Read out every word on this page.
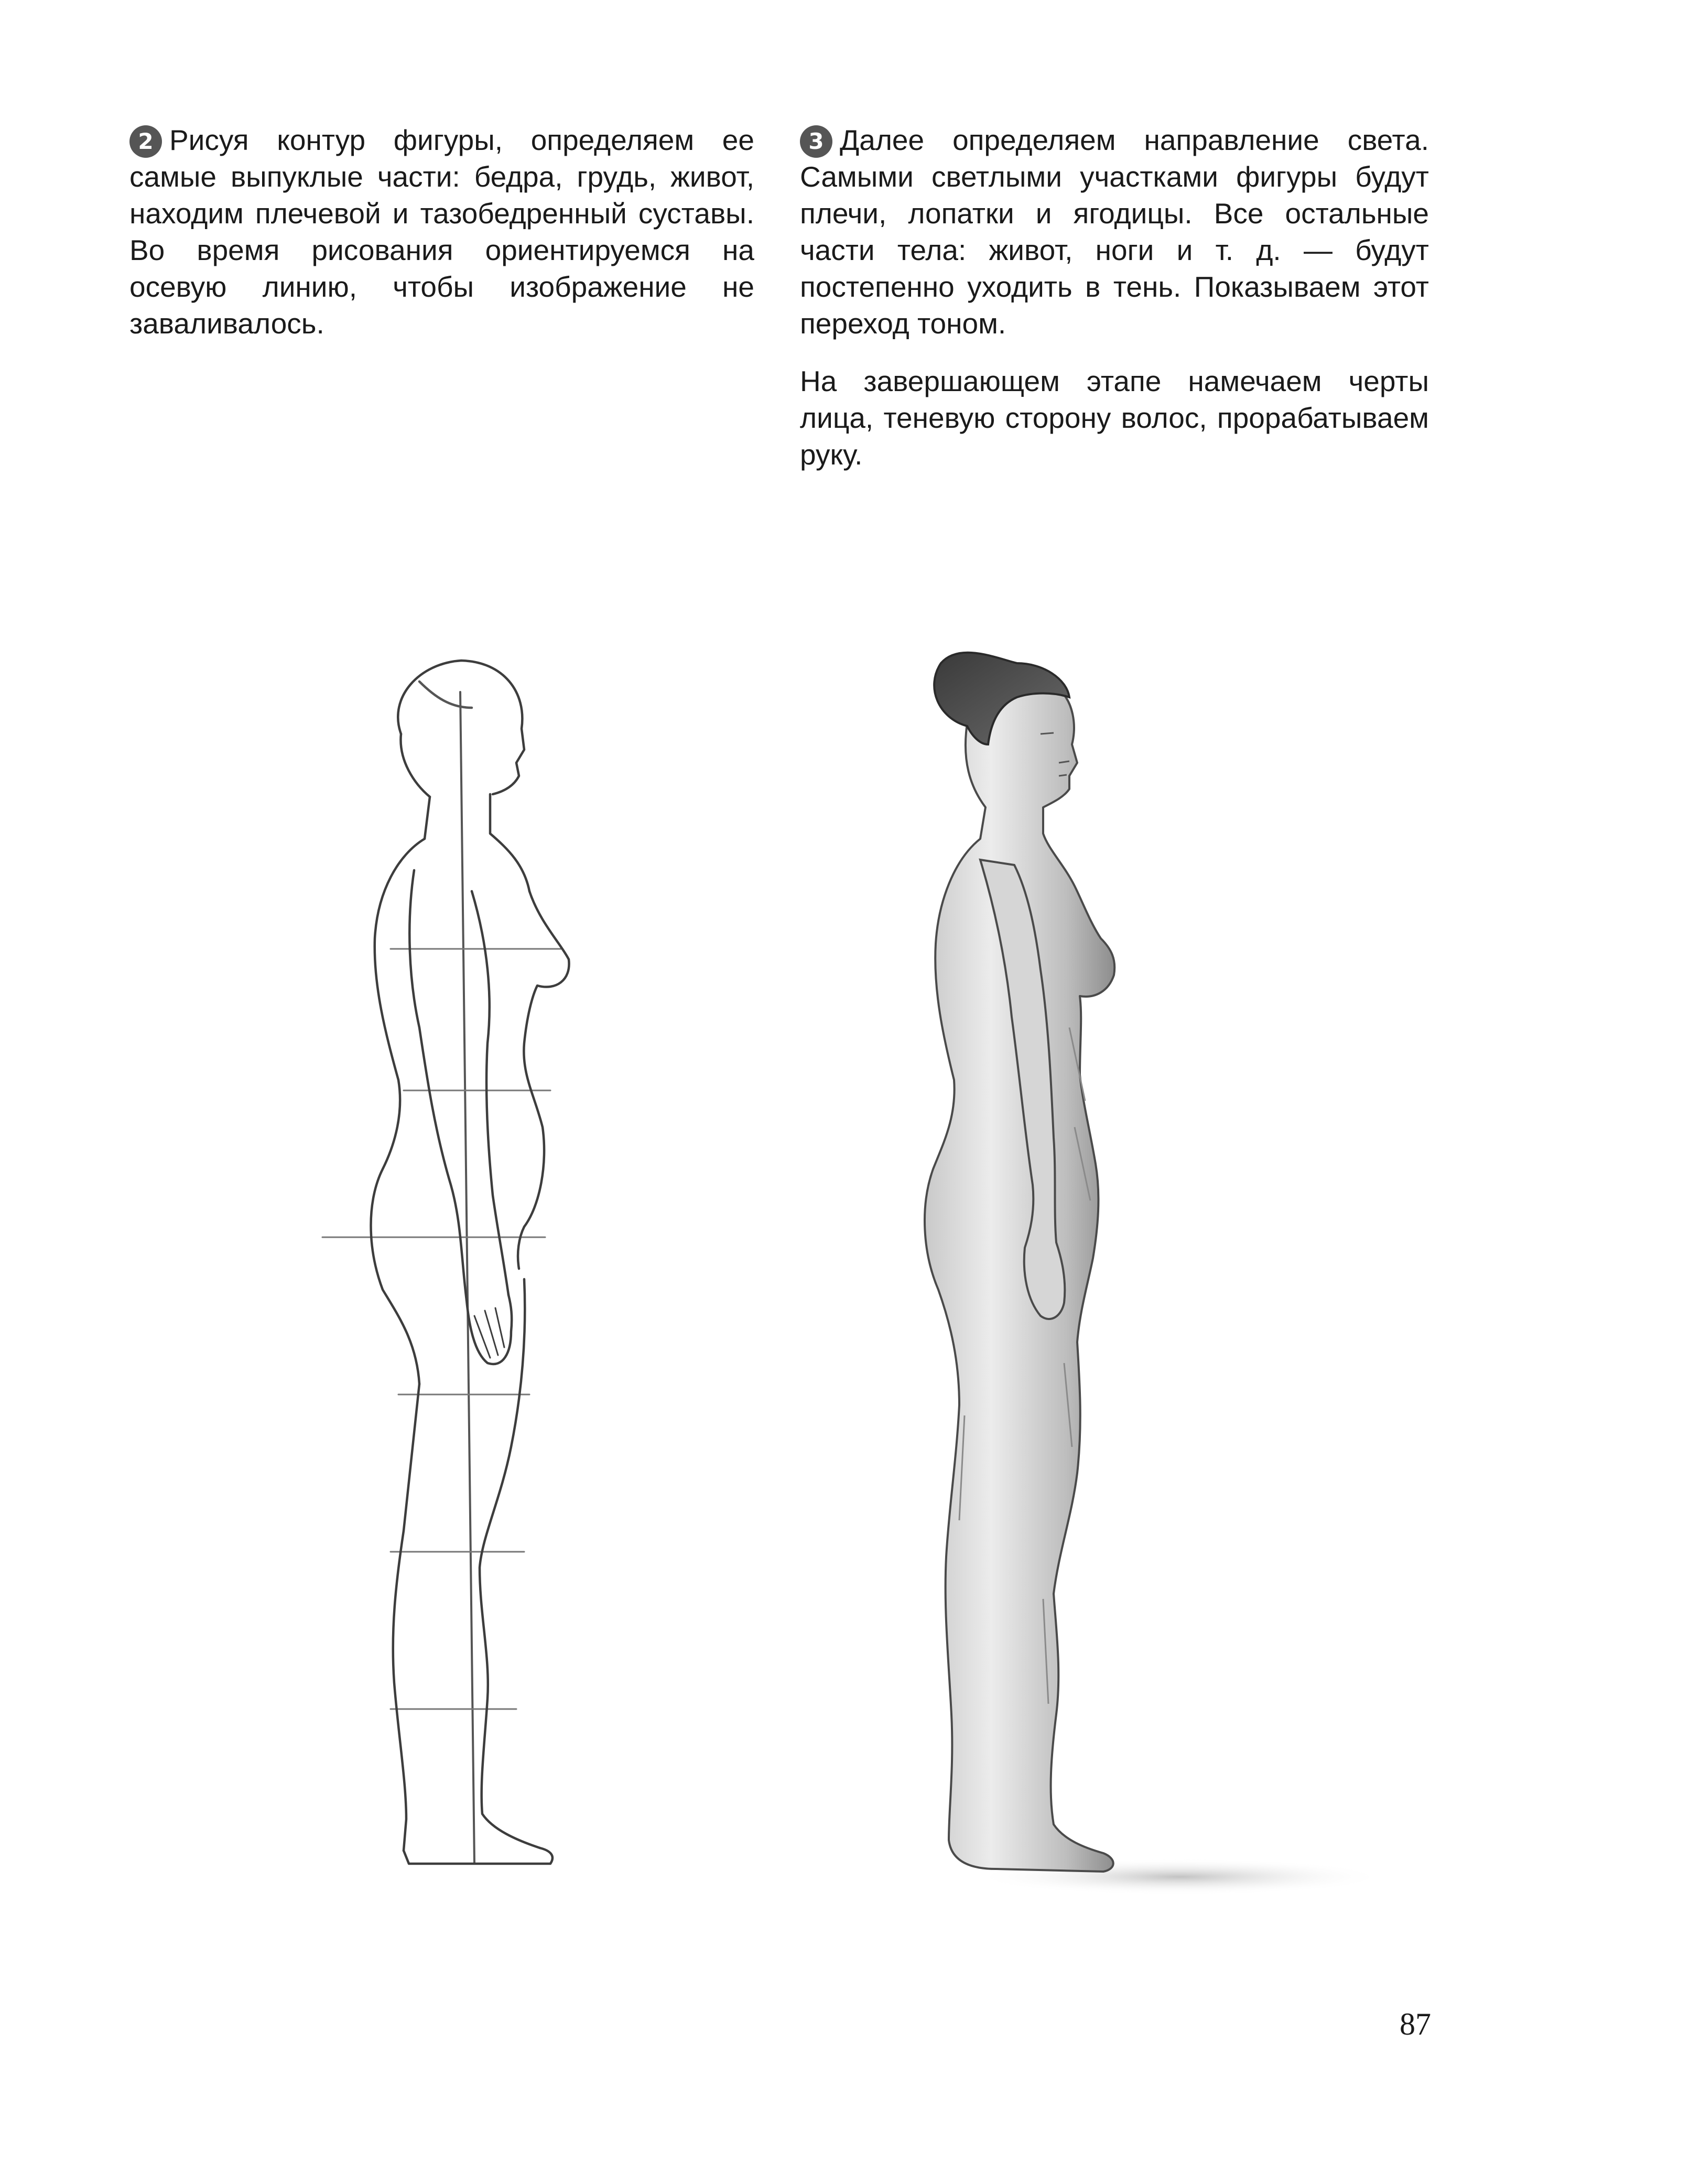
2 Рисуя контур фигуры, определяем ее самые выпуклые части: бедра, грудь, живот, находим плечевой и тазобедренный суставы. Во время рисования ориентируемся на осевую линию, чтобы изображение не заваливалось.

3 Далее определяем направление света. Самыми светлыми участками фигуры будут плечи, лопатки и ягодицы. Все остальные части тела: живот, ноги и т. д. — будут постепенно уходить в тень. Показываем этот переход тоном.

На завершающем этапе намечаем черты лица, теневую сторону волос, прорабатываем руку.

87
